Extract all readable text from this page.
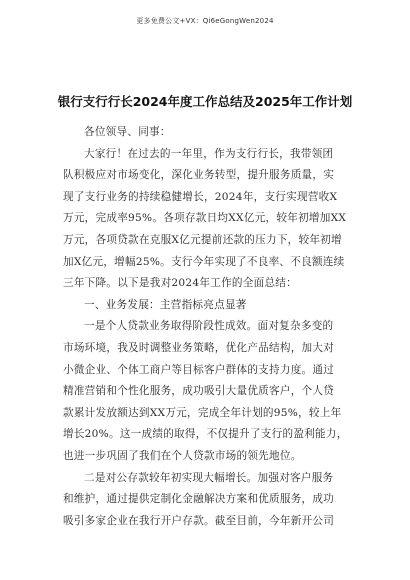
更多免费公文+VX：Qi6eGongWen2024
银行支行行长2024年度工作总结及2025年工作计划
各位领导、同事：
大家行！在过去的一年里，作为支行行长，我带领团
队积极应对市场变化，深化业务转型，提升服务质量，实
现了支行业务的持续稳健增长，2024年，支行实现营收X
万元，完成率95%。各项存款日均XX亿元，较年初增加XX
万元，各项贷款在克服X亿元提前还款的压力下，较年初增
加X亿元，增幅25%。支行今年实现了不良率、不良额连续
三年下降。以下是我对2024年工作的全面总结：
一、业务发展：主营指标亮点显著
一是个人贷款业务取得阶段性成效。面对复杂多变的
市场环境，我及时调整业务策略，优化产品结构，加大对
小微企业、个体工商户等目标客户群体的支持力度。通过
精准营销和个性化服务，成功吸引大量优质客户，个人贷
款累计发放额达到XX万元，完成全年计划的95%，较上年
增长20%。这一成绩的取得，不仅提升了支行的盈利能力，
也进一步巩固了我们在个人贷款市场的领先地位。
二是对公存款较年初实现大幅增长。加强对客户服务
和维护，通过提供定制化金融解决方案和优质服务，成功
吸引多家企业在我行开户存款。截至目前，今年新开公司
